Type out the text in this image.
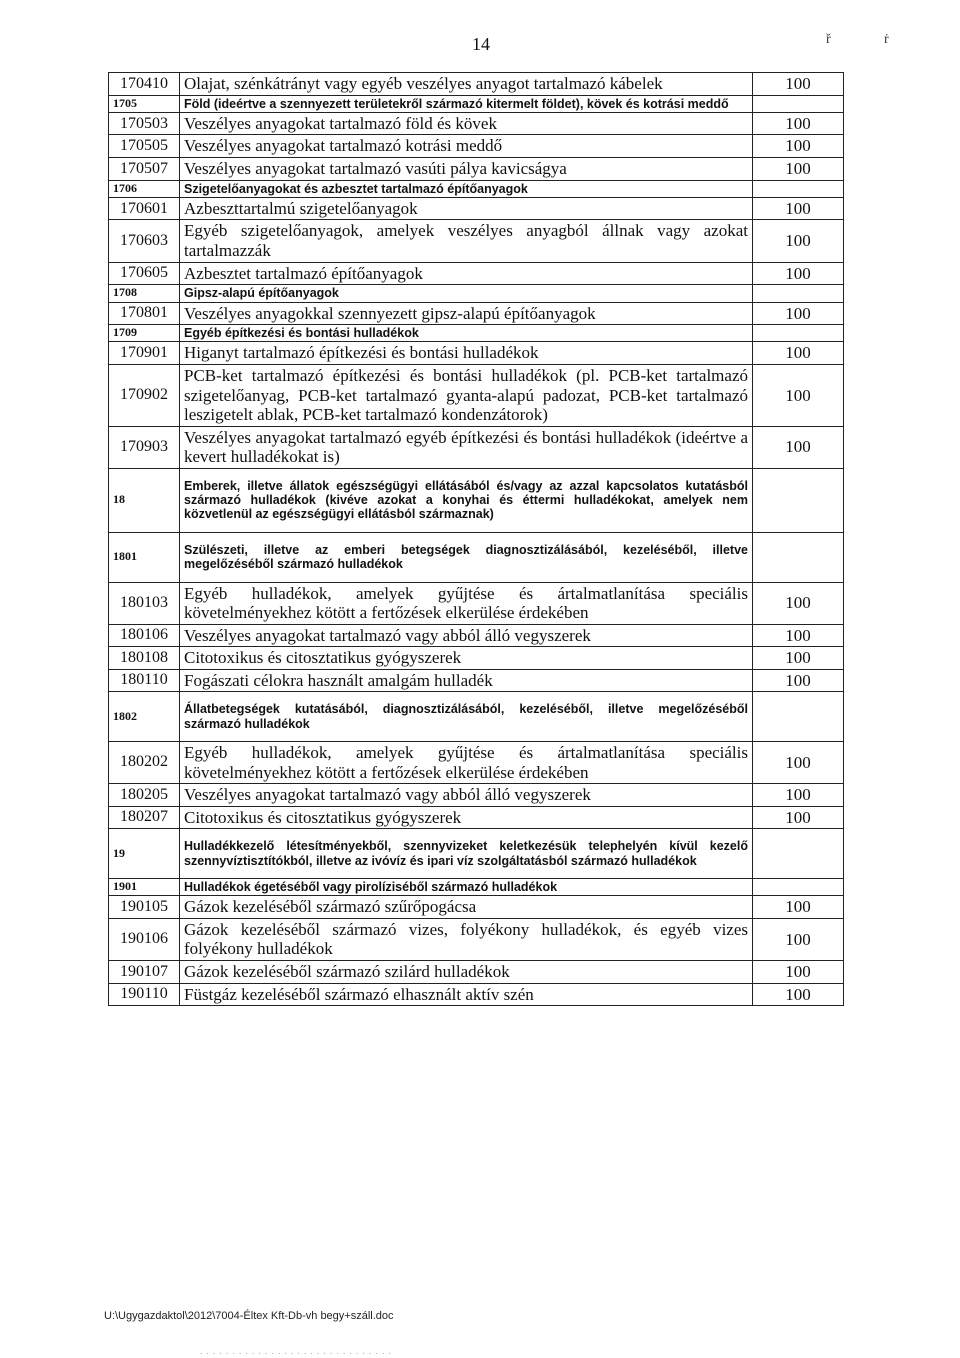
14	ř	ṙ
170410	Olajat, szénkátrányt vagy egyéb veszélyes anyagot tartalmazó kábelek	100
1705	Föld (ideértve a szennyezett területekről származó kitermelt földet), kövek és kotrási meddő	
170503	Veszélyes anyagokat tartalmazó föld és kövek	100
170505	Veszélyes anyagokat tartalmazó kotrási meddő	100
170507	Veszélyes anyagokat tartalmazó vasúti pálya kavicságya	100
1706	Szigetelőanyagokat és azbesztet tartalmazó építőanyagok	
170601	Azbeszttartalmú szigetelőanyagok	100
170603	Egyéb szigetelőanyagok, amelyek veszélyes anyagból állnak vagy azokat tartalmazzák	100
170605	Azbesztet tartalmazó építőanyagok	100
1708	Gipsz-alapú építőanyagok	
170801	Veszélyes anyagokkal szennyezett gipsz-alapú építőanyagok	100
1709	Egyéb építkezési és bontási hulladékok	
170901	Higanyt tartalmazó építkezési és bontási hulladékok	100
170902	PCB-ket tartalmazó építkezési és bontási hulladékok (pl. PCB-ket tartalmazó szigetelőanyag, PCB-ket tartalmazó gyanta-alapú padozat, PCB-ket tartalmazó leszigetelt ablak, PCB-ket tartalmazó kondenzátorok)	100
170903	Veszélyes anyagokat tartalmazó egyéb építkezési és bontási hulladékok (ideértve a kevert hulladékokat is)	100
18	Emberek, illetve állatok egészségügyi ellátásából és/vagy az azzal kapcsolatos kutatásból származó hulladékok (kivéve azokat a konyhai és éttermi hulladékokat, amelyek nem közvetlenül az egészségügyi ellátásból származnak)	
1801	Szülészeti, illetve az emberi betegségek diagnosztizálásából, kezeléséből, illetve megelőzéséből származó hulladékok	
180103	Egyéb hulladékok, amelyek gyűjtése és ártalmatlanítása speciális követelményekhez kötött a fertőzések elkerülése érdekében	100
180106	Veszélyes anyagokat tartalmazó vagy abból álló vegyszerek	100
180108	Citotoxikus és citosztatikus gyógyszerek	100
180110	Fogászati célokra használt amalgám hulladék	100
1802	Állatbetegségek kutatásából, diagnosztizálásából, kezeléséből, illetve megelőzéséből származó hulladékok	
180202	Egyéb hulladékok, amelyek gyűjtése és ártalmatlanítása speciális követelményekhez kötött a fertőzések elkerülése érdekében	100
180205	Veszélyes anyagokat tartalmazó vagy abból álló vegyszerek	100
180207	Citotoxikus és citosztatikus gyógyszerek	100
19	Hulladékkezelő létesítményekből, szennyvizeket keletkezésük telephelyén kívül kezelő szennyvíztisztítókból, illetve az ivóvíz és ipari víz szolgáltatásból származó hulladékok	
1901	Hulladékok égetéséből vagy pirolíziséből származó hulladékok	
190105	Gázok kezeléséből származó szűrőpogácsa	100
190106	Gázok kezeléséből származó vizes, folyékony hulladékok, és egyéb vizes folyékony hulladékok	100
190107	Gázok kezeléséből származó szilárd hulladékok	100
190110	Füstgáz kezeléséből származó elhasznált aktív szén	100
U:\Ugygazdaktol\2012\7004-Éltex Kft-Db-vh begy+száll.doc
. . . . . . . . . . . . . . . . . . . . . . . . . . . . . .
